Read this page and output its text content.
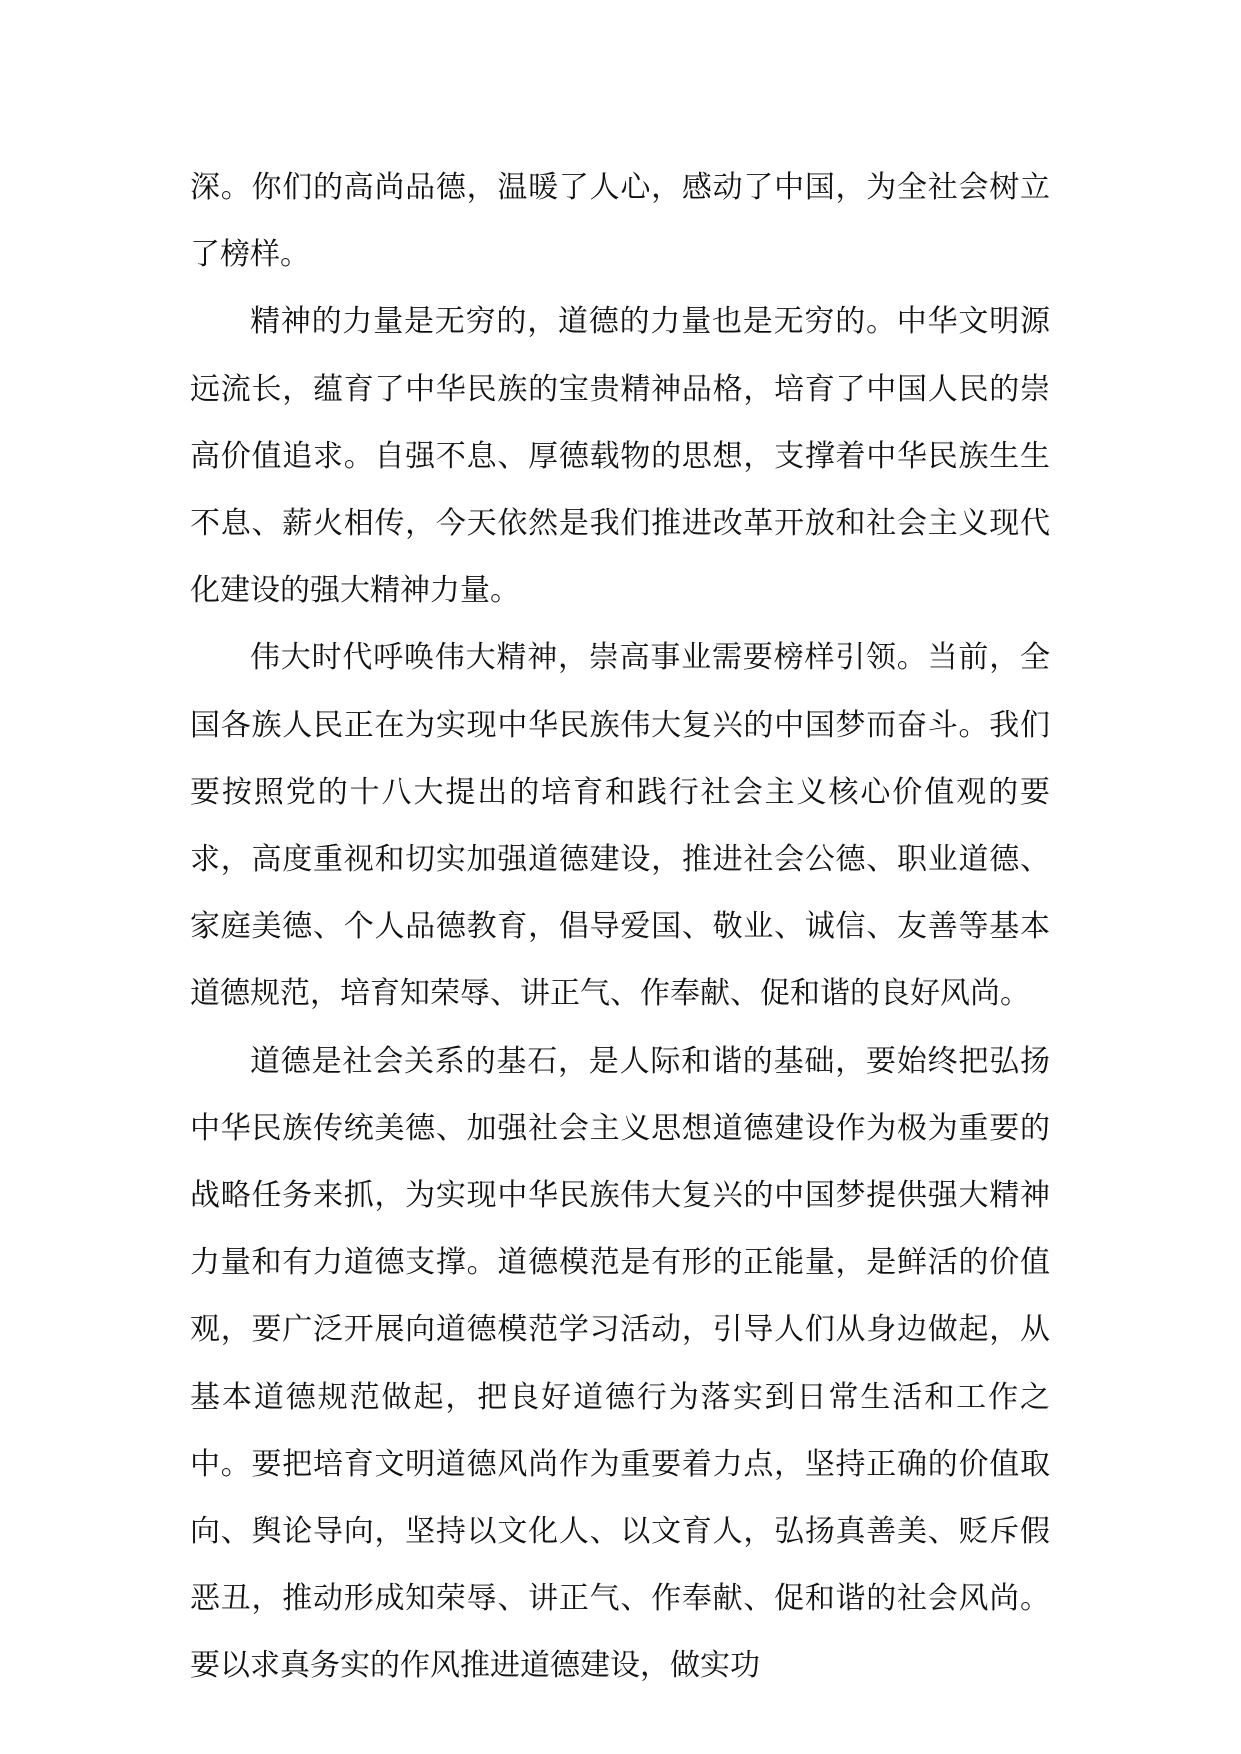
深。你们的高尚品德，温暖了人心，感动了中国，为全社会树立了榜样。

精神的力量是无穷的，道德的力量也是无穷的。中华文明源远流长，蕴育了中华民族的宝贵精神品格，培育了中国人民的崇高价值追求。自强不息、厚德载物的思想，支撑着中华民族生生不息、薪火相传，今天依然是我们推进改革开放和社会主义现代化建设的强大精神力量。

伟大时代呼唤伟大精神，崇高事业需要榜样引领。当前，全国各族人民正在为实现中华民族伟大复兴的中国梦而奋斗。我们要按照党的十八大提出的培育和践行社会主义核心价值观的要求，高度重视和切实加强道德建设，推进社会公德、职业道德、家庭美德、个人品德教育，倡导爱国、敬业、诚信、友善等基本道德规范，培育知荣辱、讲正气、作奉献、促和谐的良好风尚。

道德是社会关系的基石，是人际和谐的基础，要始终把弘扬中华民族传统美德、加强社会主义思想道德建设作为极为重要的战略任务来抓，为实现中华民族伟大复兴的中国梦提供强大精神力量和有力道德支撑。道德模范是有形的正能量，是鲜活的价值观，要广泛开展向道德模范学习活动，引导人们从身边做起，从基本道德规范做起，把良好道德行为落实到日常生活和工作之中。要把培育文明道德风尚作为重要着力点，坚持正确的价值取向、舆论导向，坚持以文化人、以文育人，弘扬真善美、贬斥假恶丑，推动形成知荣辱、讲正气、作奉献、促和谐的社会风尚。要以求真务实的作风推进道德建设，做实功
